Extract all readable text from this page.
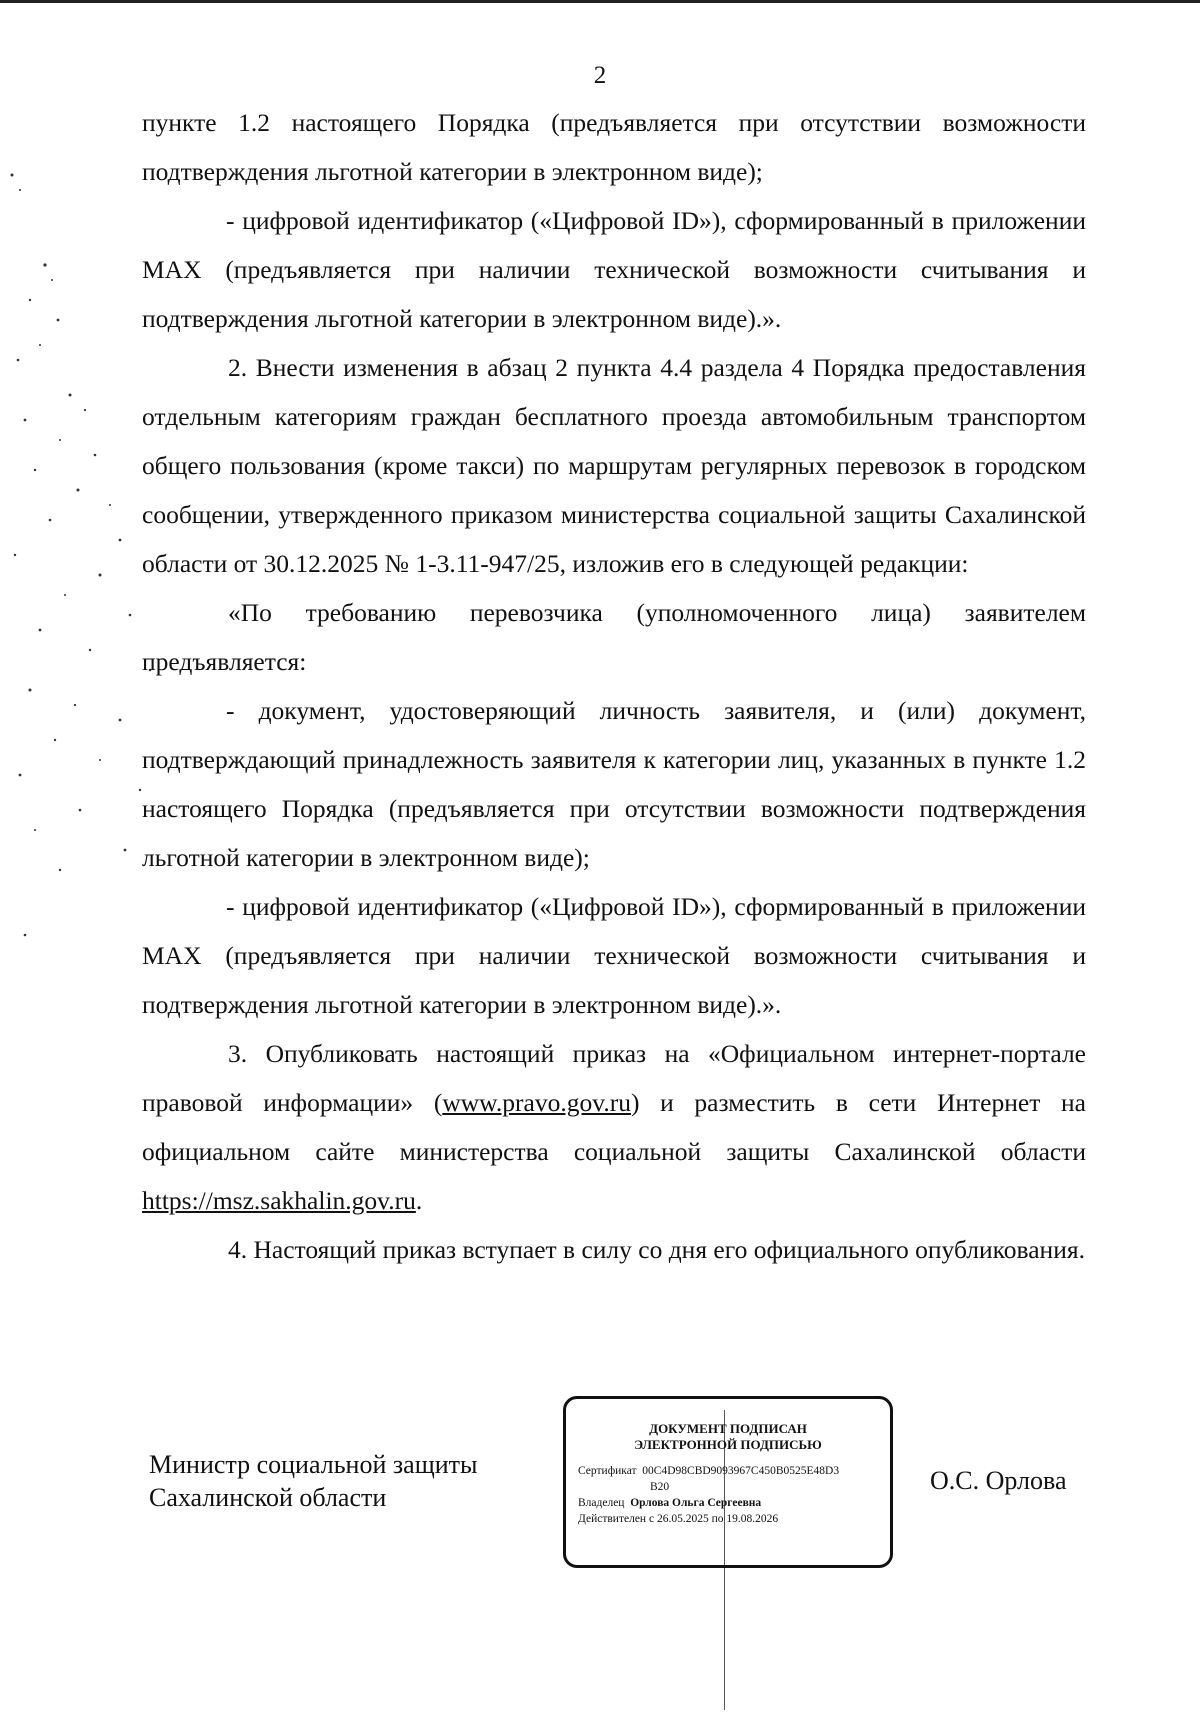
2

пункте 1.2 настоящего Порядка (предъявляется при отсутствии возможности подтверждения льготной категории в электронном виде);

- цифровой идентификатор («Цифровой ID»), сформированный в приложении МАХ (предъявляется при наличии технической возможности считывания и подтверждения льготной категории в электронном виде).».

2. Внести изменения в абзац 2 пункта 4.4 раздела 4 Порядка предоставления отдельным категориям граждан бесплатного проезда автомобильным транспортом общего пользования (кроме такси) по маршрутам регулярных перевозок в городском сообщении, утвержденного приказом министерства социальной защиты Сахалинской области от 30.12.2025 № 1-3.11-947/25, изложив его в следующей редакции:

«По требованию перевозчика (уполномоченного лица) заявителем предъявляется:

- документ, удостоверяющий личность заявителя, и (или) документ, подтверждающий принадлежность заявителя к категории лиц, указанных в пункте 1.2 настоящего Порядка (предъявляется при отсутствии возможности подтверждения льготной категории в электронном виде);

- цифровой идентификатор («Цифровой ID»), сформированный в приложении МАХ (предъявляется при наличии технической возможности считывания и подтверждения льготной категории в электронном виде).».

3. Опубликовать настоящий приказ на «Официальном интернет-портале правовой информации» (www.pravo.gov.ru) и разместить в сети Интернет на официальном сайте министерства социальной защиты Сахалинской области https://msz.sakhalin.gov.ru.

4. Настоящий приказ вступает в силу со дня его официального опубликования.

Министр социальной защиты
Сахалинской области
ДОКУМЕНТ ПОДПИСАН
ЭЛЕКТРОННОЙ ПОДПИСЬЮ
Сертификат 00C4D98CBD9093967C450B0525E48D3
B20
Владелец Орлова Ольга Сергеевна
Действителен с 26.05.2025 по 19.08.2026
О.С. Орлова
